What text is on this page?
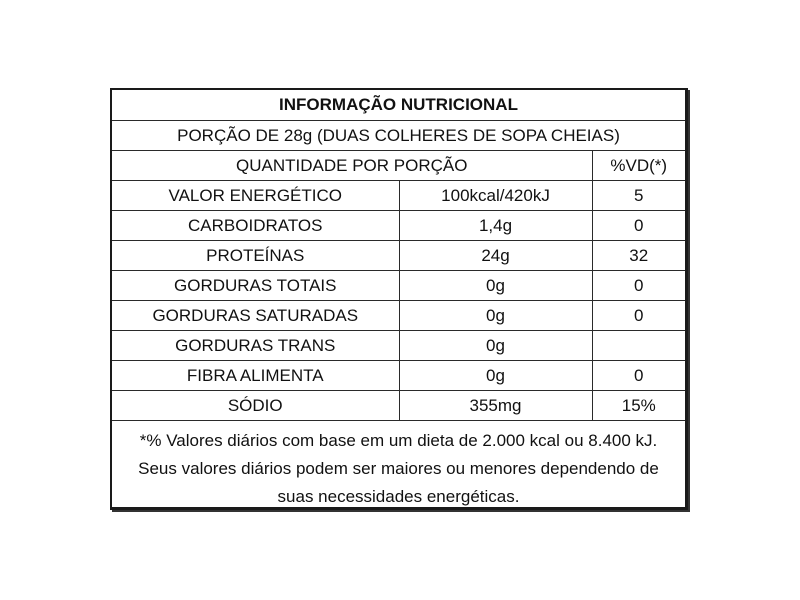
INFORMAÇÃO NUTRICIONAL		
PORÇÃO DE 28g (DUAS COLHERES DE SOPA CHEIAS)		
QUANTIDADE POR PORÇÃO		%VD(*)
VALOR ENERGÉTICO	100kcal/420kJ	5
CARBOIDRATOS	1,4g	0
PROTEÍNAS	24g	32
GORDURAS TOTAIS	0g	0
GORDURAS SATURADAS	0g	0
GORDURAS TRANS	0g	
FIBRA ALIMENTA	0g	0
SÓDIO	355mg	15%
*% Valores diários com base em um dieta de 2.000 kcal ou 8.400 kJ. Seus valores diários podem ser maiores ou menores dependendo de suas necessidades energéticas.		
